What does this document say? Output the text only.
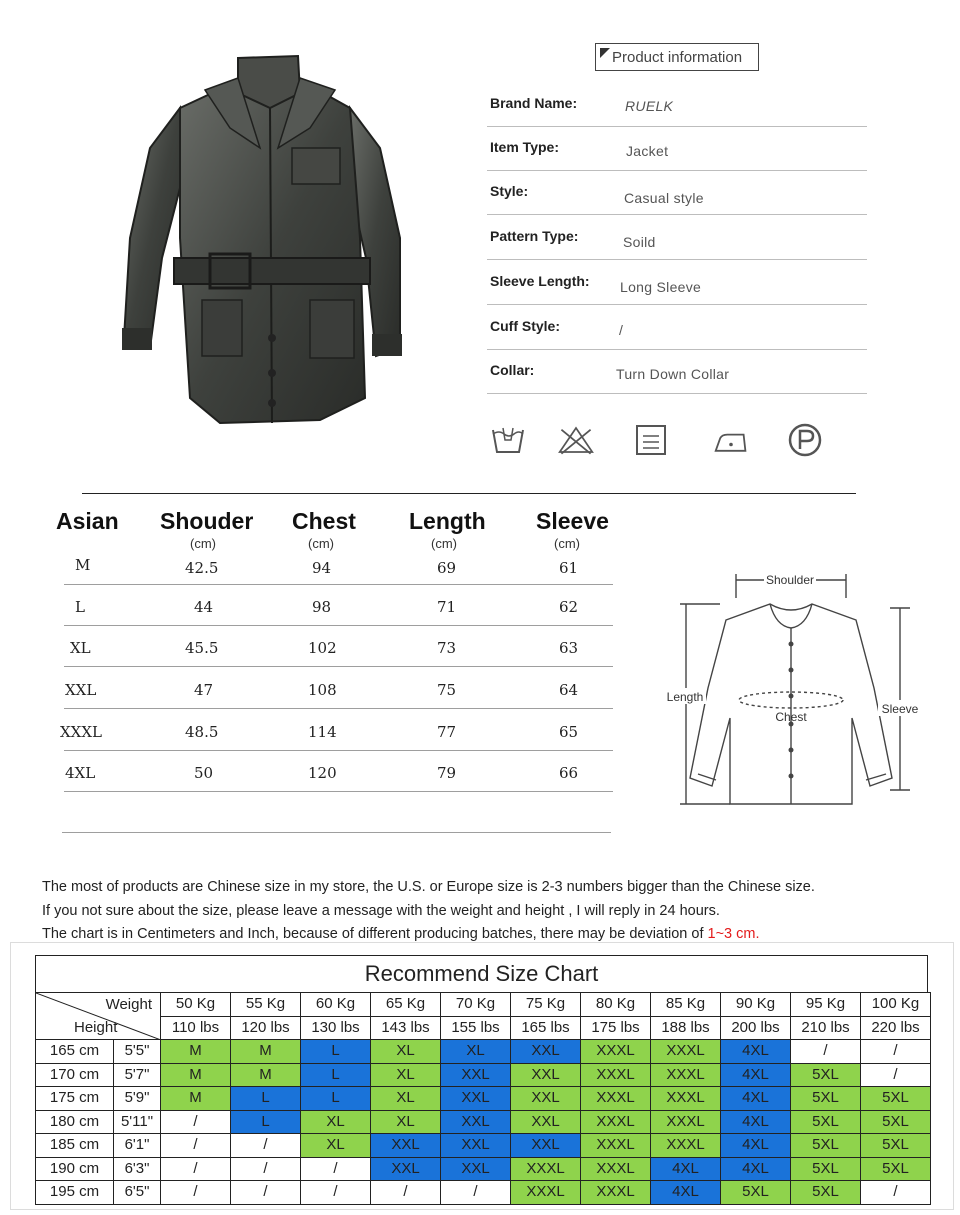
Product information
Brand Name:	RUELK
Item Type:	Jacket
Style:	Casual style
Pattern Type:	Soild
Sleeve Length: Long Sleeve
Cuff Style:	/
Collar:	Turn Down Collar
Asian Shouder Chest Length Sleeve
(cm)	(cm)	(cm)	(cm)
M	42.5	94	69	61
L	44	98	71	62
XL	45.5	102	73	63
XXL	47	108	75	64
XXXL	48.5	114	77	65
4XL	50	120	79	66
Shoulder
Length
Chest
Sleeve
The most of products are Chinese size in my store, the U.S. or Europe size is 2-3 numbers bigger than the Chinese size.
If you not sure about the size, please leave a message with the weight and height , I will reply in 24 hours.
The chart is in Centimeters and Inch, because of different producing batches, there may be deviation of 1~3 cm.
Recommend Size Chart
Weight
Height		50 Kg	55 Kg	60 Kg	65 Kg	70 Kg	75 Kg	80 Kg	85 Kg	90 Kg	95 Kg	100 Kg
		110 lbs	120 lbs	130 lbs	143 lbs	155 lbs	165 lbs	175 lbs	188 lbs	200 lbs	210 lbs	220 lbs
165 cm	5'5"	M	M	L	XL	XL	XXL	XXXL	XXXL	4XL	/	/
170 cm	5'7"	M	M	L	XL	XXL	XXL	XXXL	XXXL	4XL	5XL	/
175 cm	5'9"	M	L	L	XL	XXL	XXL	XXXL	XXXL	4XL	5XL	5XL
180 cm	5'11"	/	L	XL	XL	XXL	XXL	XXXL	XXXL	4XL	5XL	5XL
185 cm	6'1"	/	/	XL	XXL	XXL	XXL	XXXL	XXXL	4XL	5XL	5XL
190 cm	6'3"	/	/	/	XXL	XXL	XXXL	XXXL	4XL	4XL	5XL	5XL
195 cm	6'5"	/	/	/	/	/	XXXL	XXXL	4XL	5XL	5XL	/
